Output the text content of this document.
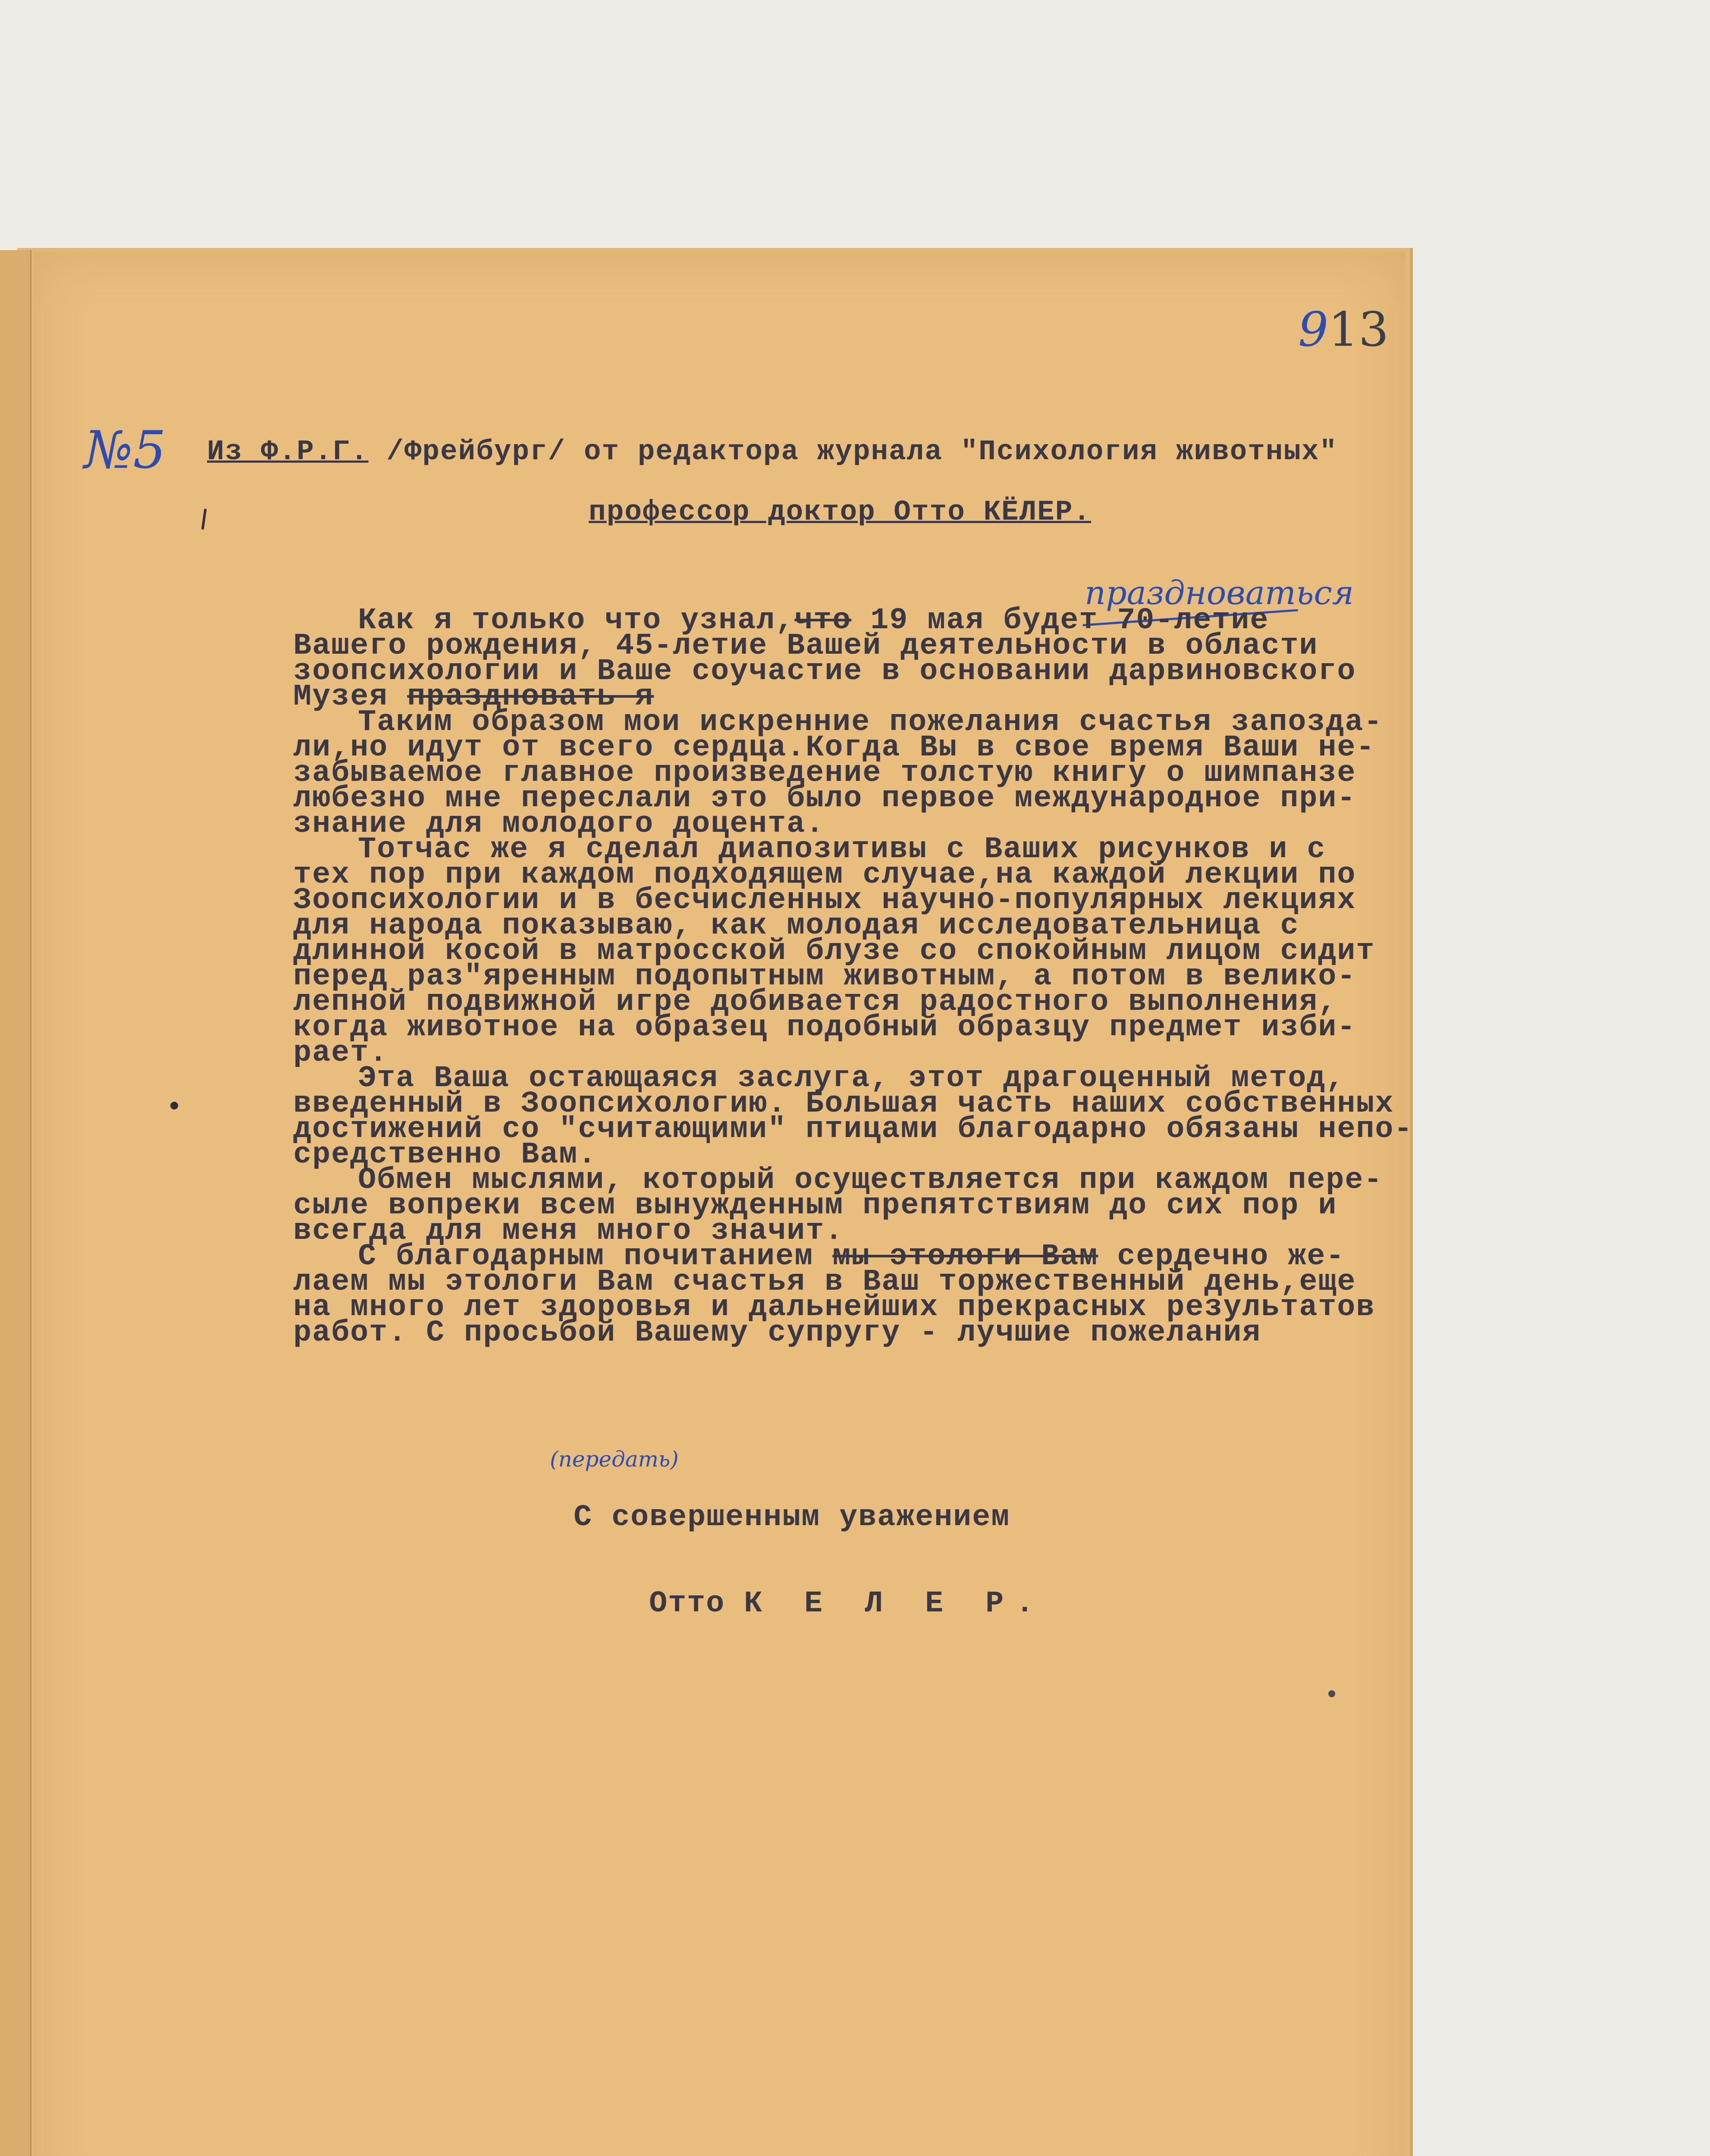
913
№5 Из Ф.Р.Г. /Фрейбург/ от редактора журнала "Психология животных"
профессор доктор Отто КЁЛЕР.
праздноваться
Как я только что узнал,что 19 мая будет 70-летие
Вашего рождения, 45-летие Вашей деятельности в области
зоопсихологии и Ваше соучастие в основании дарвиновского
Музея праздновать я
Таким образом мои искренние пожелания счастья запозда-
ли,но идут от всего сердца.Когда Вы в свое время Ваши не-
забываемое главное произведение толстую книгу о шимпанзе
любезно мне переслали это было первое международное при-
знание для молодого доцента.
Тотчас же я сделал диапозитивы с Ваших рисунков и с
тех пор при каждом подходящем случае,на каждой лекции по
Зоопсихологии и в бесчисленных научно-популярных лекциях
для народа показываю, как молодая исследовательница с
длинной косой в матросской блузе со спокойным лицом сидит
перед раз"яренным подопытным животным, а потом в велико-
лепной подвижной игре добивается радостного выполнения,
когда животное на образец подобный образцу предмет изби-
рает.
Эта Ваша остающаяся заслуга, этот драгоценный метод,
введенный в Зоопсихологию. Большая часть наших собственных
достижений со "считающими" птицами благодарно обязаны непо-
средственно Вам.
Обмен мыслями, который осуществляется при каждом пере-
сыле вопреки всем вынужденным препятствиям до сих пор и
всегда для меня много значит.
С благодарным почитанием мы этологи Вам сердечно же-
лаем мы этологи Вам счастья в Ваш торжественный день,еще
на много лет здоровья и дальнейших прекрасных результатов
работ. С просьбой Вашему супругу - лучшие пожелания
(передать)
С совершенным уважением
Отто К Е Л Е Р.
